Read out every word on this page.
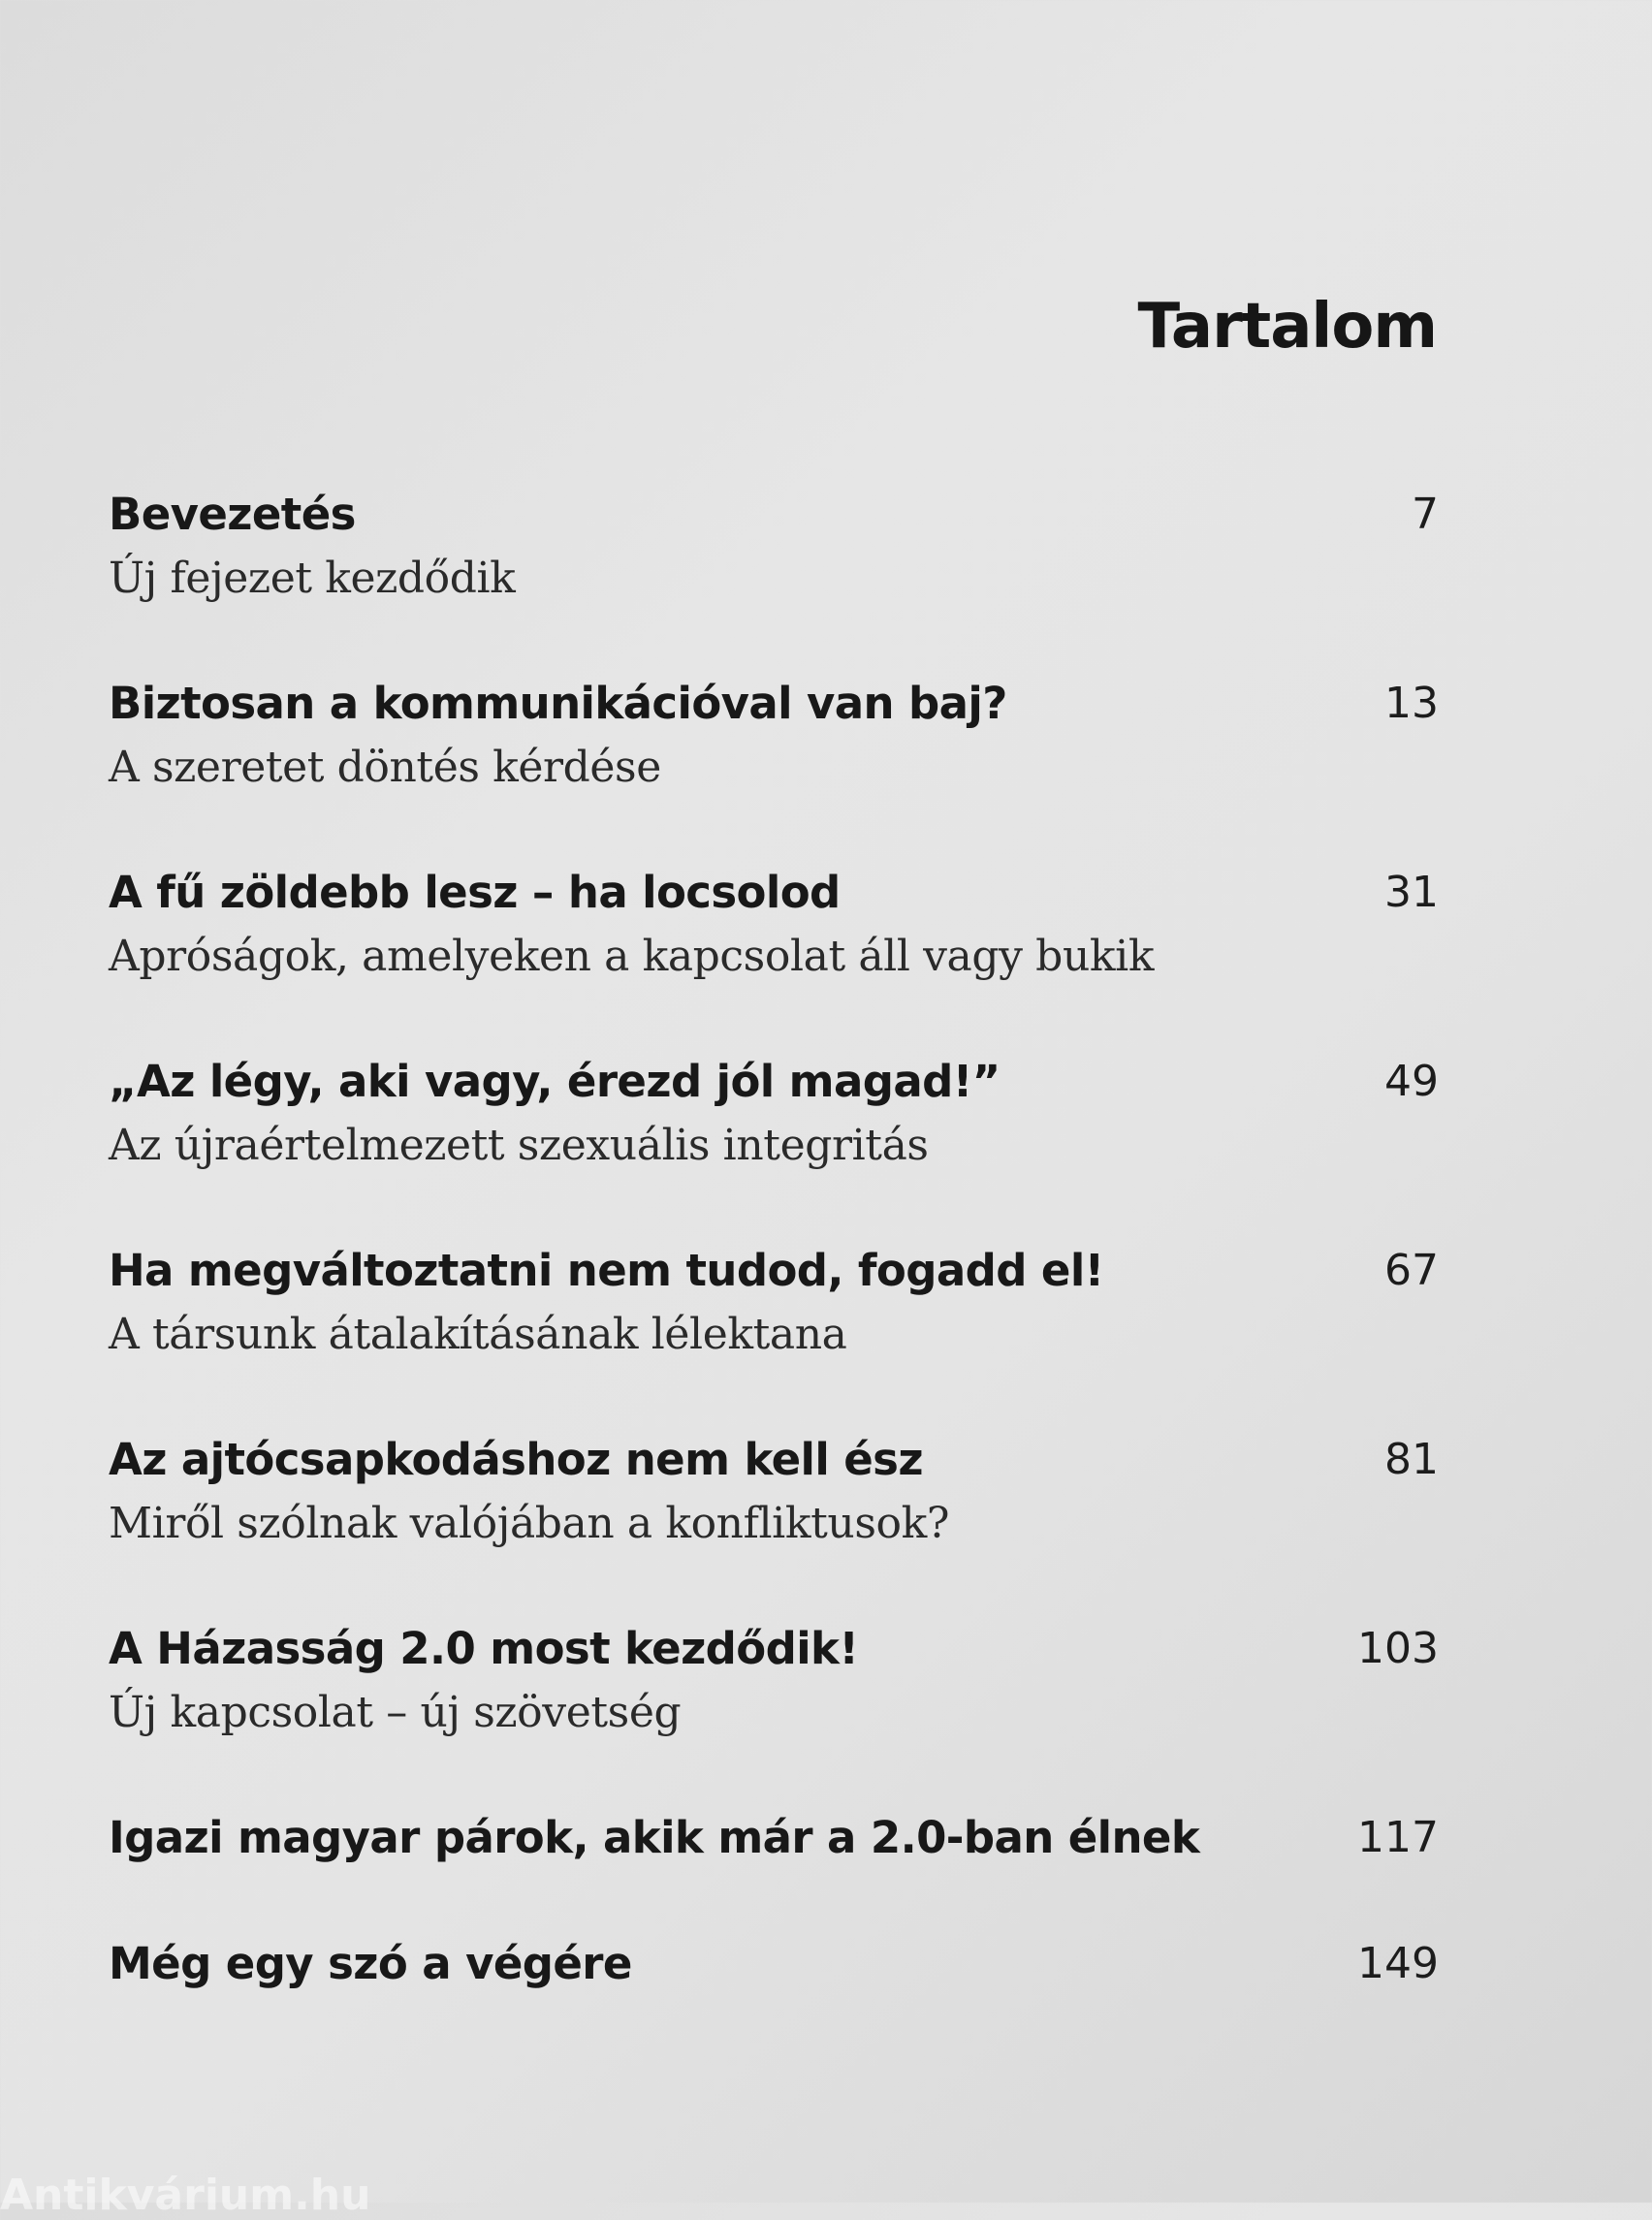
Tartalom
Bevezetés
Új fejezet kezdődik
7
Biztosan a kommunikációval van baj?
A szeretet döntés kérdése
13
A fű zöldebb lesz – ha locsolod
Apróságok, amelyeken a kapcsolat áll vagy bukik
31
„Az légy, aki vagy, érezd jól magad!”
Az újraértelmezett szexuális integritás
49
Ha megváltoztatni nem tudod, fogadd el!
A társunk átalakításának lélektana
67
Az ajtócsapkodáshoz nem kell ész
Miről szólnak valójában a konfliktusok?
81
A Házasság 2.0 most kezdődik!
Új kapcsolat – új szövetség
103
Igazi magyar párok, akik már a 2.0-ban élnek	117
Még egy szó a végére	149
Antikvárium.hu
